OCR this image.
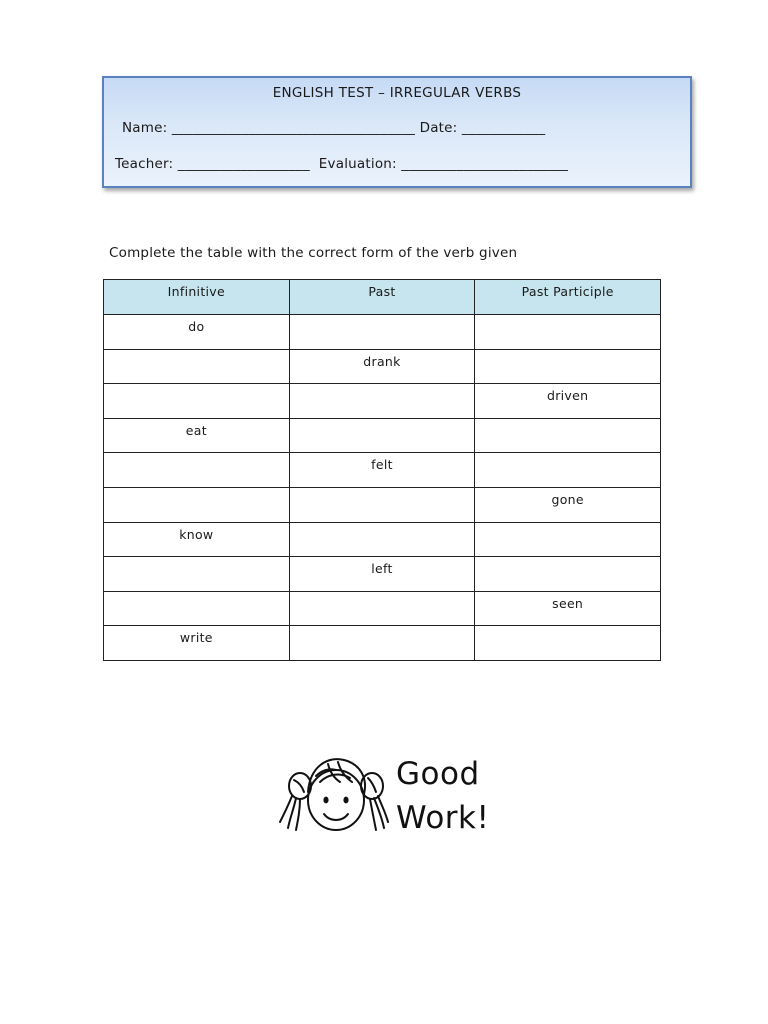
ENGLISH TEST – IRREGULAR VERBS
Name: ___________________________________ Date: ____________
Teacher: ___________________  Evaluation: ________________________
Complete the table with the correct form of the verb given
Infinitive	Past	Past Participle
do		
	drank	
		driven
eat		
	felt	
		gone
know		
	left	
		seen
write		
Good
Work!
